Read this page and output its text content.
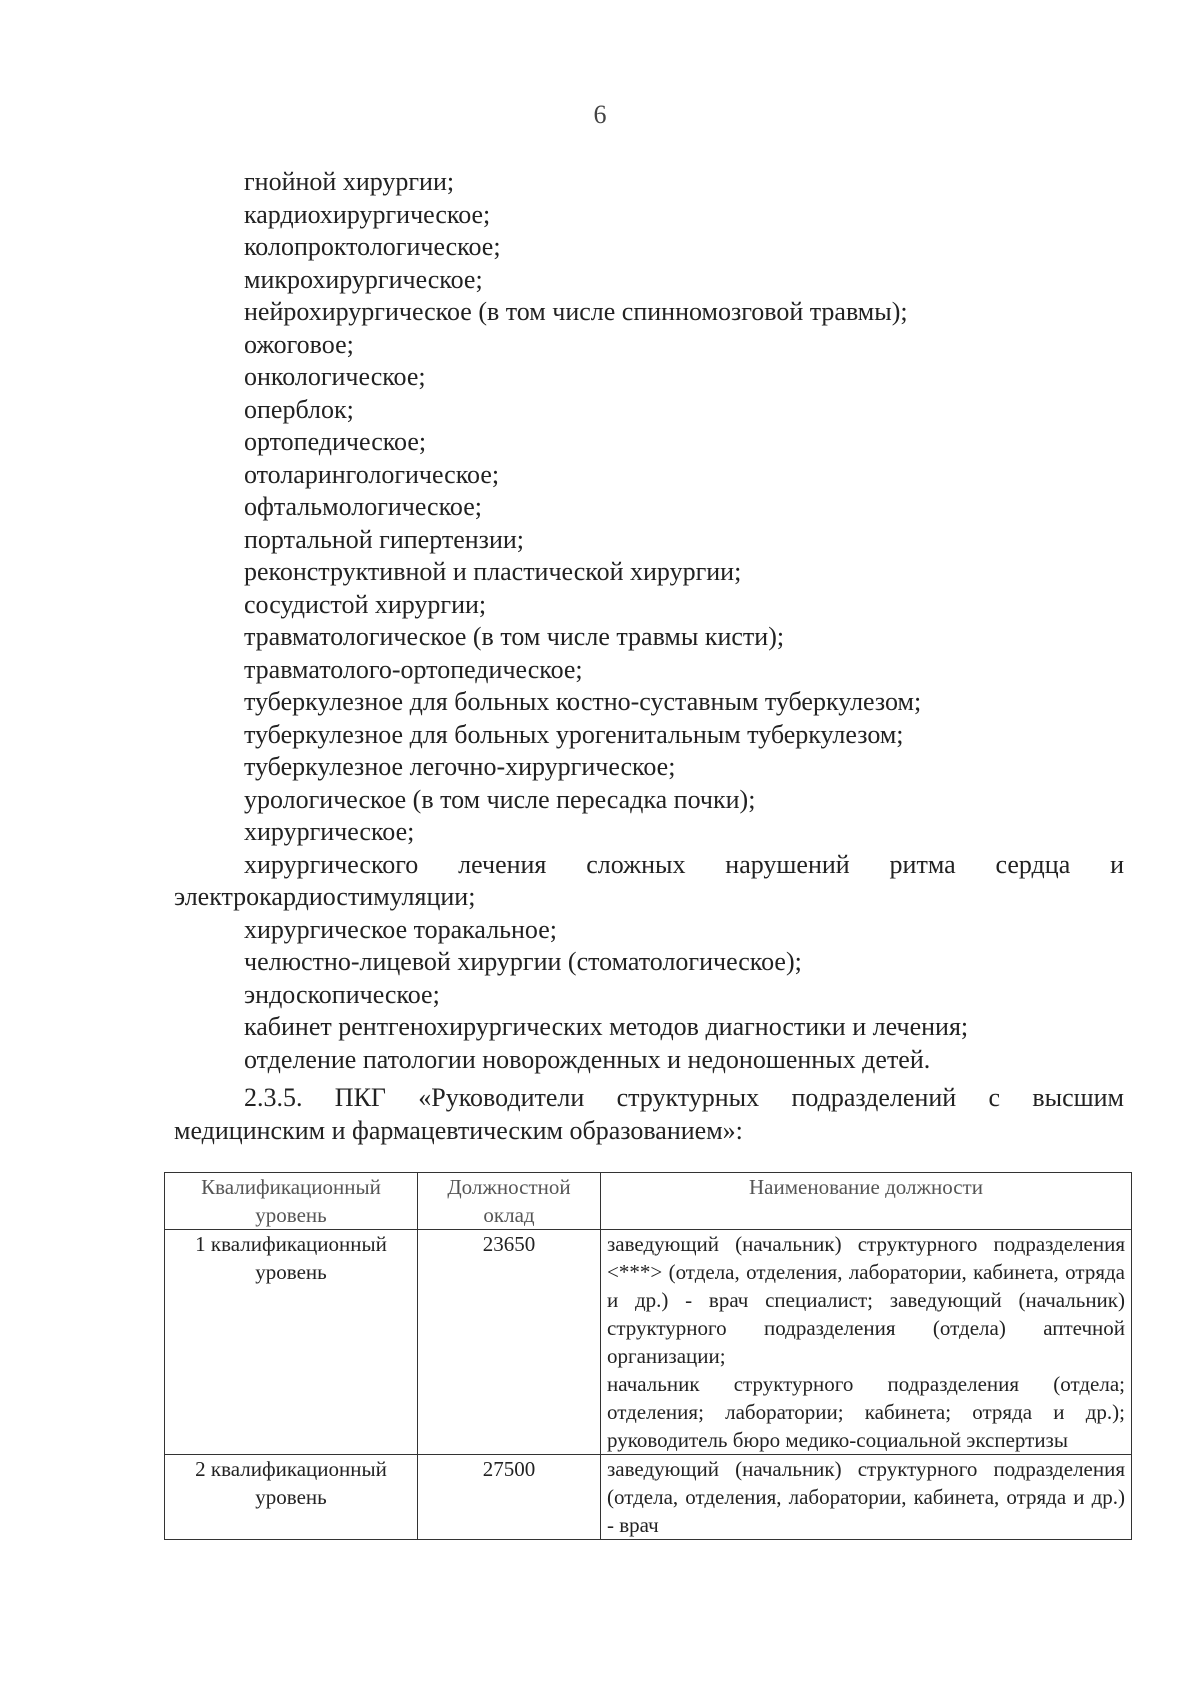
6
гнойной хирургии;
кардиохирургическое;
колопроктологическое;
микрохирургическое;
нейрохирургическое (в том числе спинномозговой травмы);
ожоговое;
онкологическое;
оперблок;
ортопедическое;
отоларингологическое;
офтальмологическое;
портальной гипертензии;
реконструктивной и пластической хирургии;
сосудистой хирургии;
травматологическое (в том числе травмы кисти);
травматолого-ортопедическое;
туберкулезное для больных костно-суставным туберкулезом;
туберкулезное для больных урогенитальным туберкулезом;
туберкулезное легочно-хирургическое;
урологическое (в том числе пересадка почки);
хирургическое;
хирургического лечения сложных нарушений ритма сердца и электрокардиостимуляции;
хирургическое торакальное;
челюстно-лицевой хирургии (стоматологическое);
эндоскопическое;
кабинет рентгенохирургических методов диагностики и лечения;
отделение патологии новорожденных и недоношенных детей.
2.3.5. ПКГ «Руководители структурных подразделений с высшим медицинским и фармацевтическим образованием»:
Квалификационный уровень	Должностной оклад	Наименование должности
1 квалификационный уровень	23650	заведующий (начальник) структурного подразделения <***> (отдела, отделения, лаборатории, кабинета, отряда и др.) - врач специалист; заведующий (начальник) структурного подразделения (отдела) аптечной организации;

начальник структурного подразделения (отдела; отделения; лаборатории; кабинета; отряда и др.); руководитель бюро медико-социальной экспертизы

2 квалификационный уровень	27500	заведующий (начальник) структурного подразделения (отдела, отделения, лаборатории, кабинета, отряда и др.) - врач
